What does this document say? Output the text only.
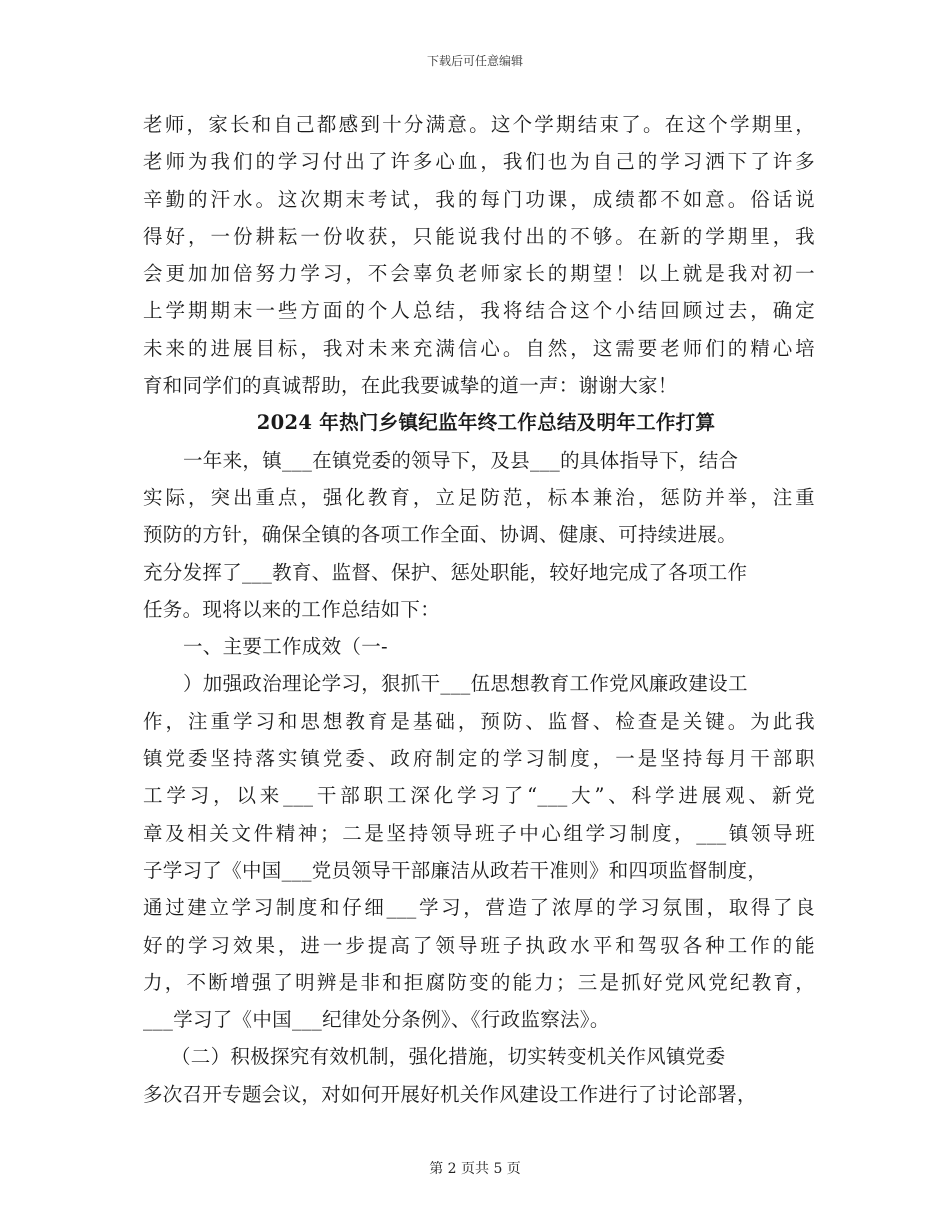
下载后可任意编辑
老师，家长和自己都感到十分满意。这个学期结束了。在这个学期里，
老师为我们的学习付出了许多心血，我们也为自己的学习洒下了许多
辛勤的汗水。这次期末考试，我的每门功课，成绩都不如意。俗话说
得好，一份耕耘一份收获，只能说我付出的不够。在新的学期里，我
会更加加倍努力学习，不会辜负老师家长的期望！以上就是我对初一
上学期期末一些方面的个人总结，我将结合这个小结回顾过去，确定
未来的进展目标，我对未来充满信心。自然，这需要老师们的精心培
育和同学们的真诚帮助，在此我要诚挚的道一声：谢谢大家！
2024 年热门乡镇纪监年终工作总结及明年工作打算
一年来，镇___在镇党委的领导下，及县___的具体指导下，结合
实际，突出重点，强化教育，立足防范，标本兼治，惩防并举，注重
预防的方针，确保全镇的各项工作全面、协调、健康、可持续进展。
充分发挥了___教育、监督、保护、惩处职能，较好地完成了各项工作
任务。现将以来的工作总结如下：
一、主要工作成效（一-
）加强政治理论学习，狠抓干___伍思想教育工作党风廉政建设工
作，注重学习和思想教育是基础，预防、监督、检查是关键。为此我
镇党委坚持落实镇党委、政府制定的学习制度，一是坚持每月干部职
工学习，以来___干部职工深化学习了“___大”、科学进展观、新党
章及相关文件精神；二是坚持领导班子中心组学习制度，___镇领导班
子学习了《中国___党员领导干部廉洁从政若干准则》和四项监督制度，
通过建立学习制度和仔细___学习，营造了浓厚的学习氛围，取得了良
好的学习效果，进一步提高了领导班子执政水平和驾驭各种工作的能
力，不断增强了明辨是非和拒腐防变的能力；三是抓好党风党纪教育，
___学习了《中国___纪律处分条例》、《行政监察法》。
（二）积极探究有效机制，强化措施，切实转变机关作风镇党委
多次召开专题会议，对如何开展好机关作风建设工作进行了讨论部署，
第 2 页共 5 页
